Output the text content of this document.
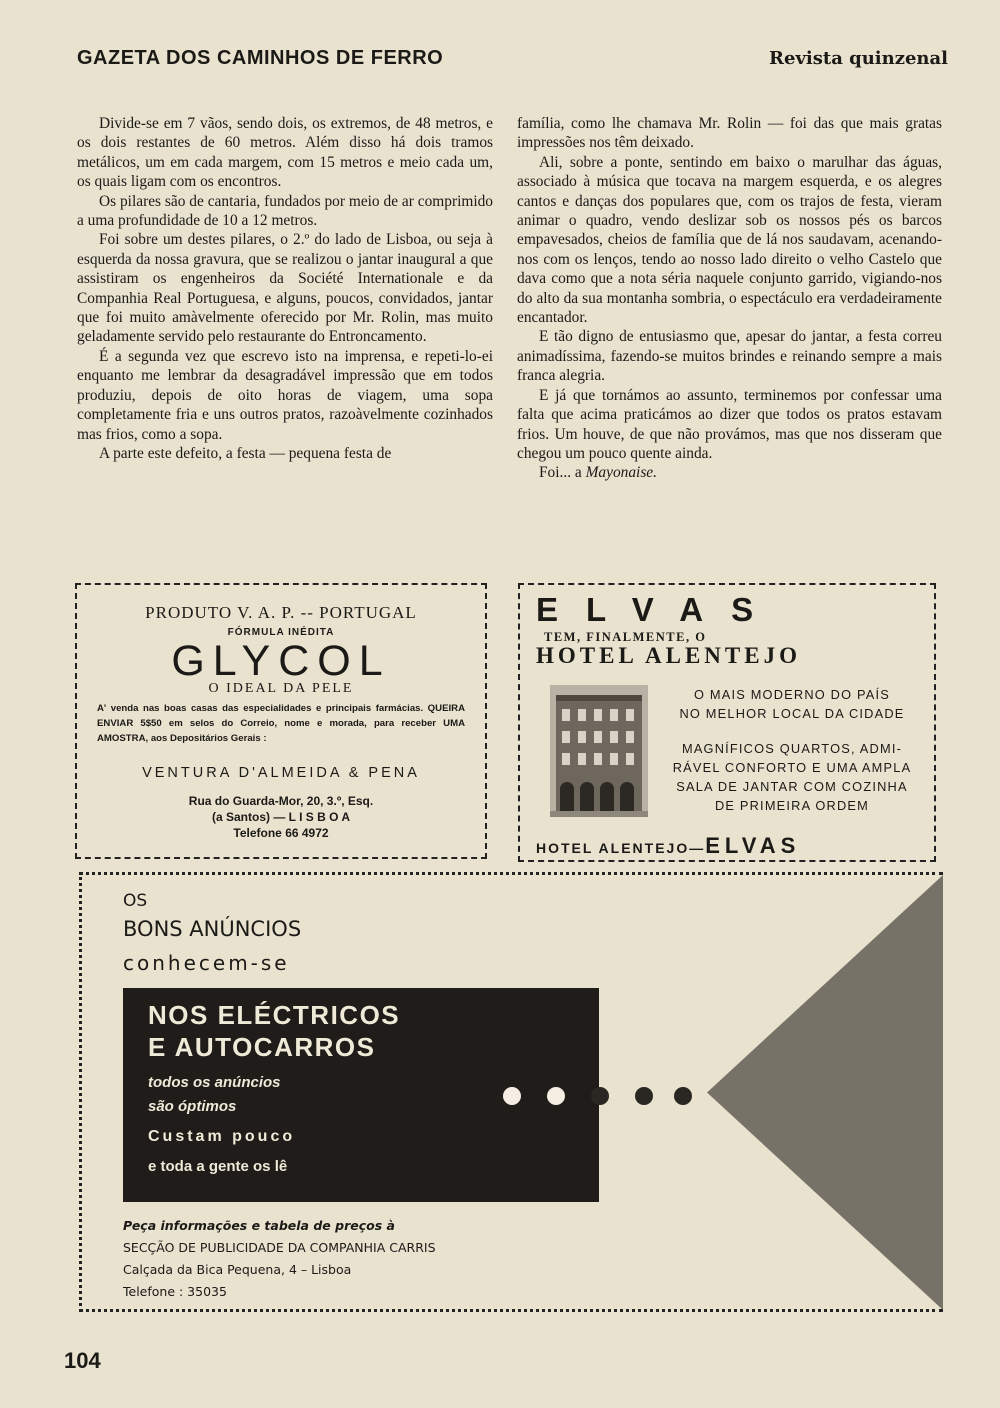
GAZETA DOS CAMINHOS DE FERRO	Revista quinzenal

Divide-se em 7 vãos, sendo dois, os extremos, de 48 metros, e os dois restantes de 60 metros. Além disso há dois tramos metálicos, um em cada margem, com 15 metros e meio cada um, os quais ligam com os encontros.

Os pilares são de cantaria, fundados por meio de ar comprimido a uma profundidade de 10 a 12 metros.

Foi sobre um destes pilares, o 2.º do lado de Lisboa, ou seja à esquerda da nossa gravura, que se realizou o jantar inaugural a que assistiram os engenheiros da Société Internationale e da Companhia Real Portuguesa, e alguns, poucos, convidados, jantar que foi muito amàvelmente oferecido por Mr. Rolin, mas muito geladamente servido pelo restaurante do Entroncamento.

É a segunda vez que escrevo isto na imprensa, e repeti-lo-ei enquanto me lembrar da desagradável impressão que em todos produziu, depois de oito horas de viagem, uma sopa completamente fria e uns outros pratos, razoàvelmente cozinhados mas frios, como a sopa.

A parte este defeito, a festa — pequena festa de

família, como lhe chamava Mr. Rolin — foi das que mais gratas impressões nos têm deixado.

Ali, sobre a ponte, sentindo em baixo o marulhar das águas, associado à música que tocava na margem esquerda, e os alegres cantos e danças dos populares que, com os trajos de festa, vieram animar o quadro, vendo deslizar sob os nossos pés os barcos empavesados, cheios de família que de lá nos saudavam, acenando-nos com os lenços, tendo ao nosso lado direito o velho Castelo que dava como que a nota séria naquele conjunto garrido, vigiando-nos do alto da sua montanha sombria, o espectáculo era verdadeiramente encantador.

E tão digno de entusiasmo que, apesar do jantar, a festa correu animadíssima, fazendo-se muitos brindes e reinando sempre a mais franca alegria.

E já que tornámos ao assunto, terminemos por confessar uma falta que acima praticámos ao dizer que todos os pratos estavam frios. Um houve, de que não provámos, mas que nos disseram que chegou um pouco quente ainda.

Foi... a Mayonaise.

PRODUTO V. A. P. -- PORTUGAL
FÓRMULA INÉDITA
GLYCOL
O IDEAL DA PELE
A' venda nas boas casas das especialidades e principais farmácias. QUEIRA ENVIAR 5$50 em selos do Correio, nome e morada, para receber UMA AMOSTRA, aos Depositários Gerais :
VENTURA D'ALMEIDA & PENA
Rua do Guarda-Mor, 20, 3.º, Esq.
(a Santos) — L I S B O A
Telefone 66 4972
ELVAS
TEM, FINALMENTE, O
HOTEL ALENTEJO
O MAIS MODERNO DO PAÍS
NO MELHOR LOCAL DA CIDADE
MAGNÍFICOS QUARTOS, ADMI-
RÁVEL CONFORTO E UMA AMPLA
SALA DE JANTAR COM COZINHA
DE PRIMEIRA ORDEM
HOTEL ALENTEJO—ELVAS
OS
BONS ANÚNCIOS
conhecem-se
NOS ELÉCTRICOS
E AUTOCARROS
todos os anúncios
são óptimos
Custam pouco
e toda a gente os lê
Peça informações e tabela de preços à
SECÇÃO DE PUBLICIDADE DA COMPANHIA CARRIS
Calçada da Bica Pequena, 4 – Lisboa
Telefone : 35035
104
